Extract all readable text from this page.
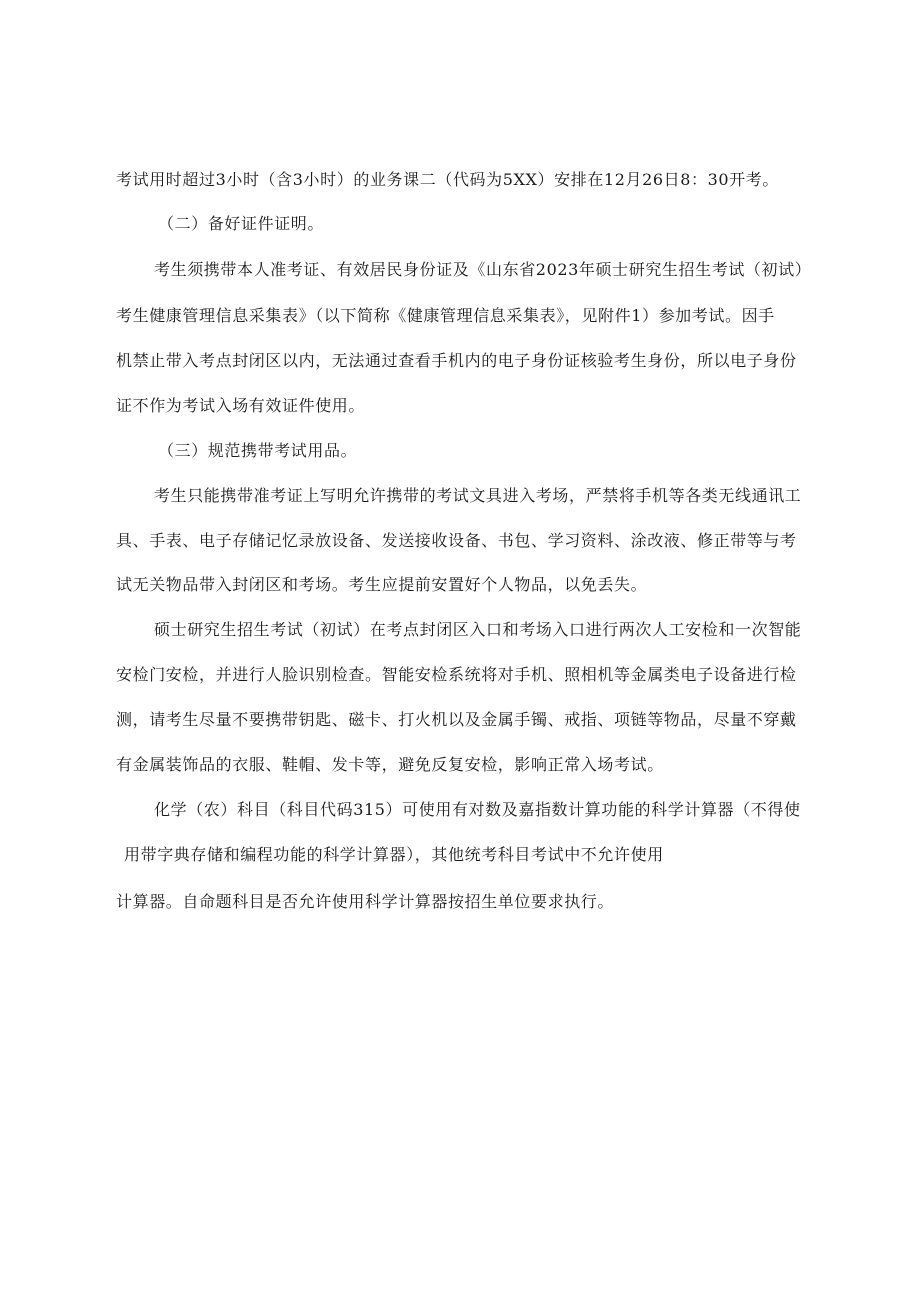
考试用时超过3小时（含3小时）的业务课二（代码为5XX）安排在12月26日8：30开考。

（二）备好证件证明。

考生须携带本人准考证、有效居民身份证及《山东省2023年硕士研究生招生考试（初试）

考生健康管理信息采集表》（以下简称《健康管理信息采集表》，见附件1）参加考试。因手

机禁止带入考点封闭区以内，无法通过查看手机内的电子身份证核验考生身份，所以电子身份

证不作为考试入场有效证件使用。

（三）规范携带考试用品。

考生只能携带准考证上写明允许携带的考试文具进入考场，严禁将手机等各类无线通讯工

具、手表、电子存储记忆录放设备、发送接收设备、书包、学习资料、涂改液、修正带等与考

试无关物品带入封闭区和考场。考生应提前安置好个人物品，以免丢失。

硕士研究生招生考试（初试）在考点封闭区入口和考场入口进行两次人工安检和一次智能

安检门安检，并进行人脸识别检查。智能安检系统将对手机、照相机等金属类电子设备进行检

测，请考生尽量不要携带钥匙、磁卡、打火机以及金属手镯、戒指、项链等物品，尽量不穿戴

有金属装饰品的衣服、鞋帽、发卡等，避免反复安检，影响正常入场考试。

化学（农）科目（科目代码315）可使用有对数及嘉指数计算功能的科学计算器（不得使

用带字典存储和编程功能的科学计算器），其他统考科目考试中不允许使用

计算器。自命题科目是否允许使用科学计算器按招生单位要求执行。
